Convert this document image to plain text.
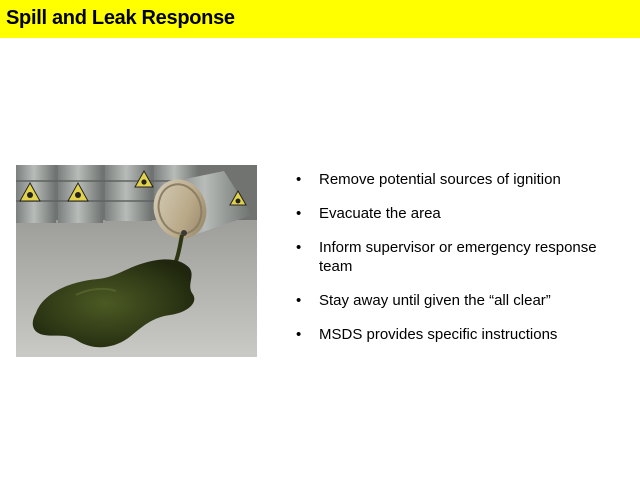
Spill and Leak Response
• Remove potential sources of ignition
• Evacuate the area
• Inform supervisor or emergency response team
• Stay away until given the “all clear”
• MSDS provides specific instructions
